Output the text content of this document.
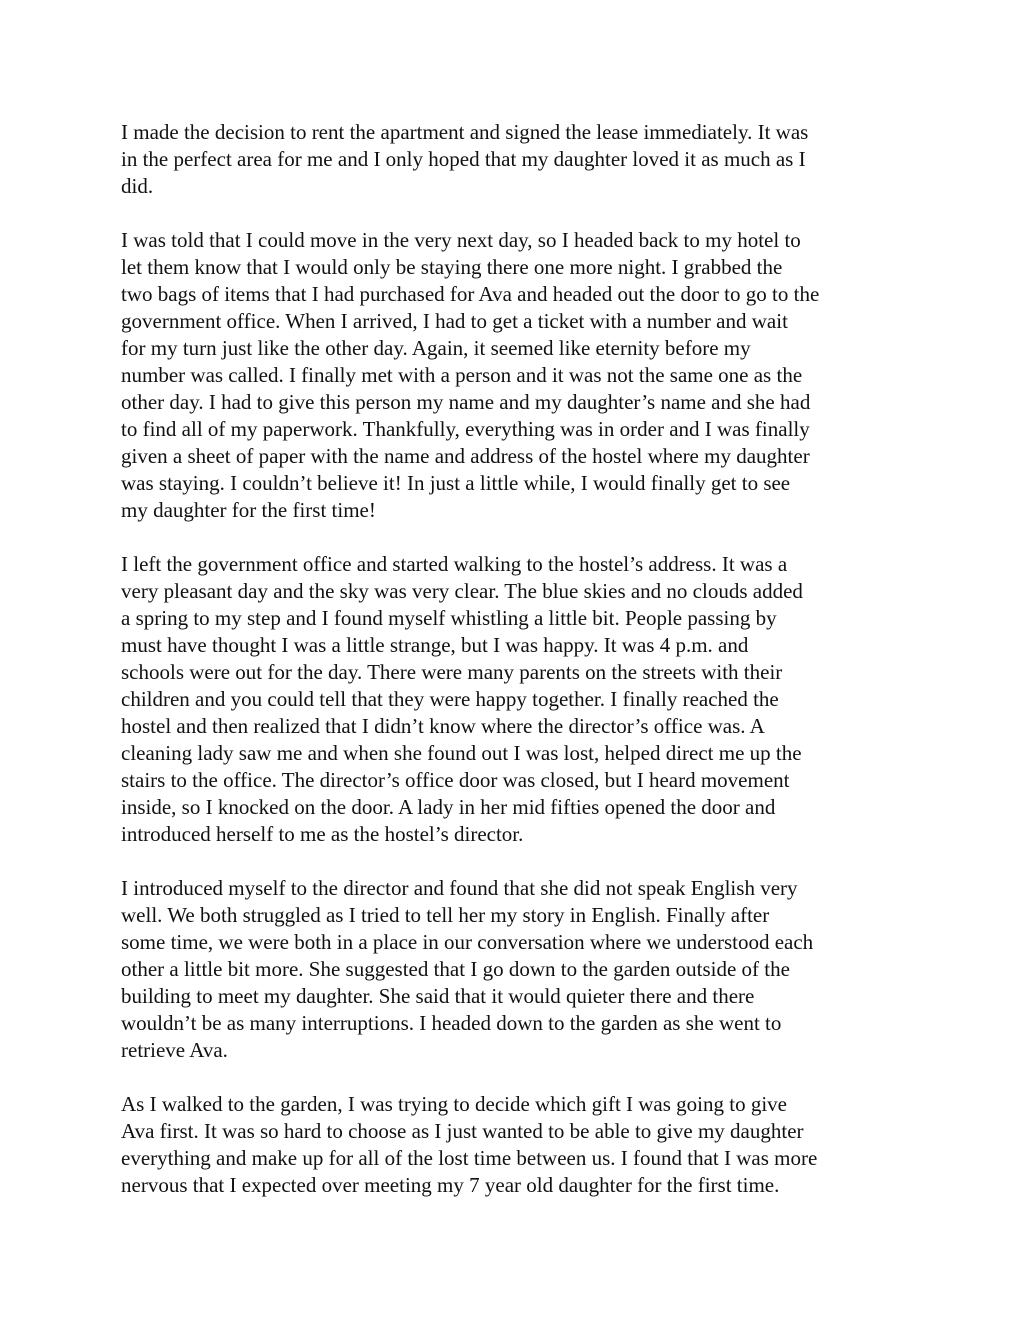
I made the decision to rent the apartment and signed the lease immediately. It was
in the perfect area for me and I only hoped that my daughter loved it as much as I
did.

I was told that I could move in the very next day, so I headed back to my hotel to
let them know that I would only be staying there one more night. I grabbed the
two bags of items that I had purchased for Ava and headed out the door to go to the
government office. When I arrived, I had to get a ticket with a number and wait
for my turn just like the other day. Again, it seemed like eternity before my
number was called. I finally met with a person and it was not the same one as the
other day. I had to give this person my name and my daughter’s name and she had
to find all of my paperwork. Thankfully, everything was in order and I was finally
given a sheet of paper with the name and address of the hostel where my daughter
was staying. I couldn’t believe it! In just a little while, I would finally get to see
my daughter for the first time!

I left the government office and started walking to the hostel’s address. It was a
very pleasant day and the sky was very clear. The blue skies and no clouds added
a spring to my step and I found myself whistling a little bit. People passing by
must have thought I was a little strange, but I was happy. It was 4 p.m. and
schools were out for the day. There were many parents on the streets with their
children and you could tell that they were happy together. I finally reached the
hostel and then realized that I didn’t know where the director’s office was. A
cleaning lady saw me and when she found out I was lost, helped direct me up the
stairs to the office. The director’s office door was closed, but I heard movement
inside, so I knocked on the door. A lady in her mid fifties opened the door and
introduced herself to me as the hostel’s director.

I introduced myself to the director and found that she did not speak English very
well. We both struggled as I tried to tell her my story in English. Finally after
some time, we were both in a place in our conversation where we understood each
other a little bit more. She suggested that I go down to the garden outside of the
building to meet my daughter. She said that it would quieter there and there
wouldn’t be as many interruptions. I headed down to the garden as she went to
retrieve Ava.

As I walked to the garden, I was trying to decide which gift I was going to give
Ava first. It was so hard to choose as I just wanted to be able to give my daughter
everything and make up for all of the lost time between us. I found that I was more
nervous that I expected over meeting my 7 year old daughter for the first time.
